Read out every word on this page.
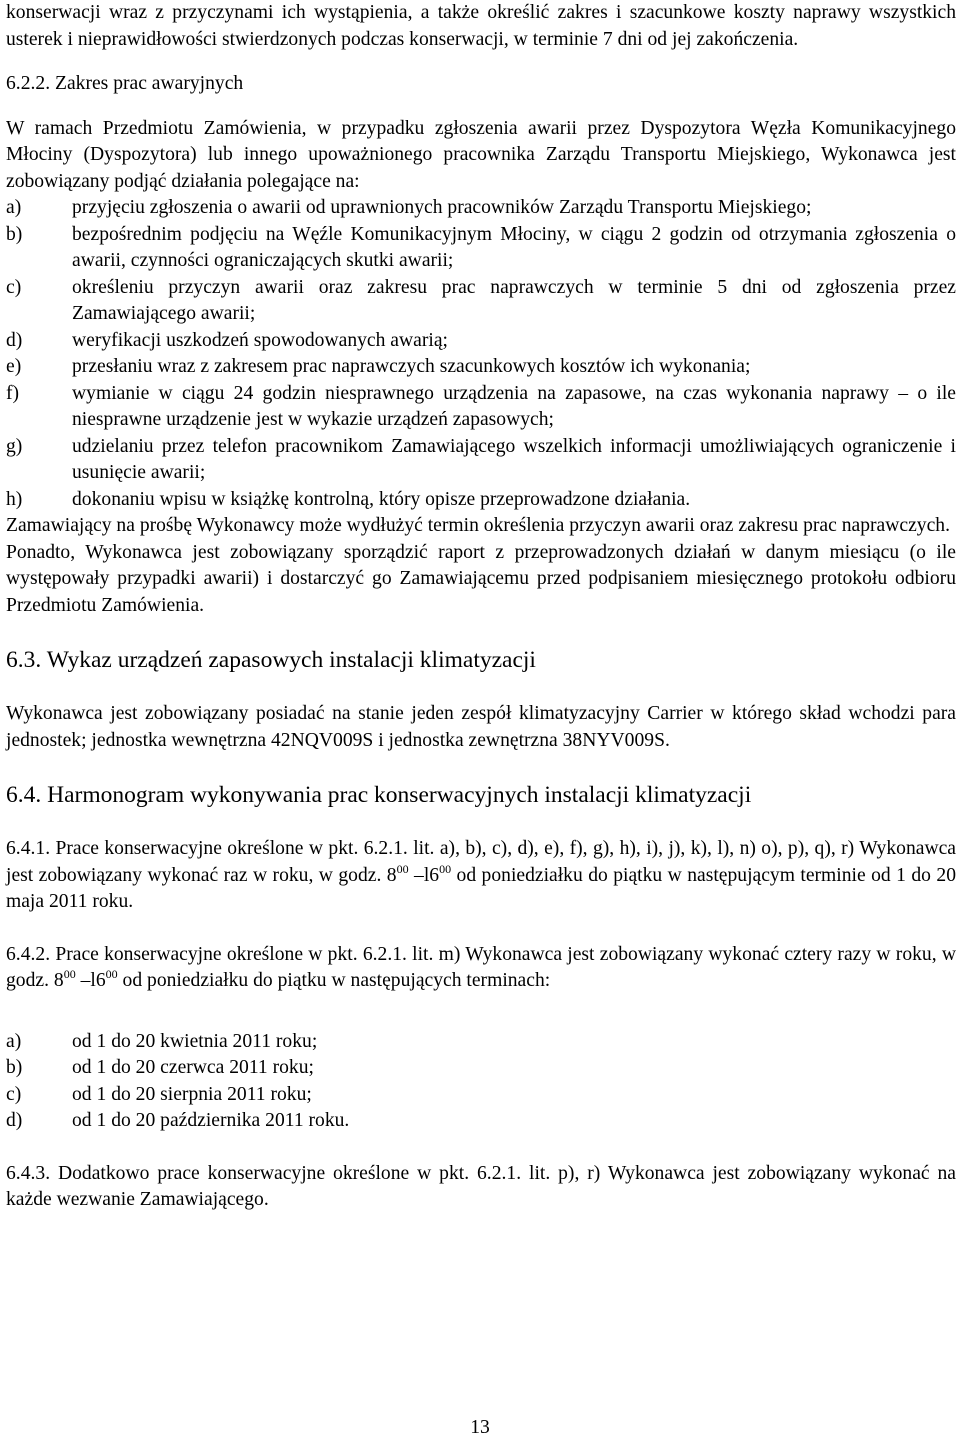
konserwacji wraz z przyczynami ich wystąpienia, a także określić zakres i szacunkowe koszty naprawy wszystkich usterek i nieprawidłowości stwierdzonych podczas konserwacji, w terminie 7 dni od jej zakończenia.

6.2.2. Zakres prac awaryjnych

W ramach Przedmiotu Zamówienia, w przypadku zgłoszenia awarii przez Dyspozytora Węzła Komunikacyjnego Młociny (Dyspozytora) lub innego upoważnionego pracownika Zarządu Transportu Miejskiego, Wykonawca jest zobowiązany podjąć działania polegające na:

a)	przyjęciu zgłoszenia o awarii od uprawnionych pracowników Zarządu Transportu Miejskiego;
b)	bezpośrednim podjęciu na Węźle Komunikacyjnym Młociny, w ciągu 2 godzin od otrzymania zgłoszenia o awarii, czynności ograniczających skutki awarii;
c)	określeniu przyczyn awarii oraz zakresu prac naprawczych w terminie 5 dni od zgłoszenia przez Zamawiającego awarii;
d)	weryfikacji uszkodzeń spowodowanych awarią;
e)	przesłaniu wraz z zakresem prac naprawczych szacunkowych kosztów ich wykonania;
f)	wymianie w ciągu 24 godzin niesprawnego urządzenia na zapasowe, na czas wykonania naprawy – o ile niesprawne urządzenie jest w wykazie urządzeń zapasowych;
g)	udzielaniu przez telefon pracownikom Zamawiającego wszelkich informacji umożliwiających ograniczenie i usunięcie awarii;
h)	dokonaniu wpisu w książkę kontrolną, który opisze przeprowadzone działania.

Zamawiający na prośbę Wykonawcy może wydłużyć termin określenia przyczyn awarii oraz zakresu prac naprawczych.

Ponadto, Wykonawca jest zobowiązany sporządzić raport z przeprowadzonych działań w danym miesiącu (o ile występowały przypadki awarii) i dostarczyć go Zamawiającemu przed podpisaniem miesięcznego protokołu odbioru Przedmiotu Zamówienia.

6.3. Wykaz urządzeń zapasowych instalacji klimatyzacji

Wykonawca jest zobowiązany posiadać na stanie jeden zespół klimatyzacyjny Carrier w którego skład wchodzi para jednostek; jednostka wewnętrzna 42NQV009S i jednostka zewnętrzna 38NYV009S.

6.4. Harmonogram wykonywania prac konserwacyjnych instalacji klimatyzacji

6.4.1. Prace konserwacyjne określone w pkt. 6.2.1. lit. a), b), c), d), e), f), g), h), i), j), k), l), n) o), p), q), r) Wykonawca jest zobowiązany wykonać raz w roku, w godz. $8^{00}$ $-l6^{00}$ od poniedziałku do piątku w następującym terminie od 1 do 20 maja 2011 roku.

6.4.2. Prace konserwacyjne określone w pkt. 6.2.1. lit. m) Wykonawca jest zobowiązany wykonać cztery razy w roku, w godz. $8^{00}$ $-l6^{00}$ od poniedziałku do piątku w następujących terminach:

a)	od 1 do 20 kwietnia 2011 roku;
b)	od 1 do 20 czerwca 2011 roku;
c)	od 1 do 20 sierpnia 2011 roku;
d)	od 1 do 20 października 2011 roku.

6.4.3. Dodatkowo prace konserwacyjne określone w pkt. 6.2.1. lit. p), r) Wykonawca jest zobowiązany wykonać na każde wezwanie Zamawiającego.

13
